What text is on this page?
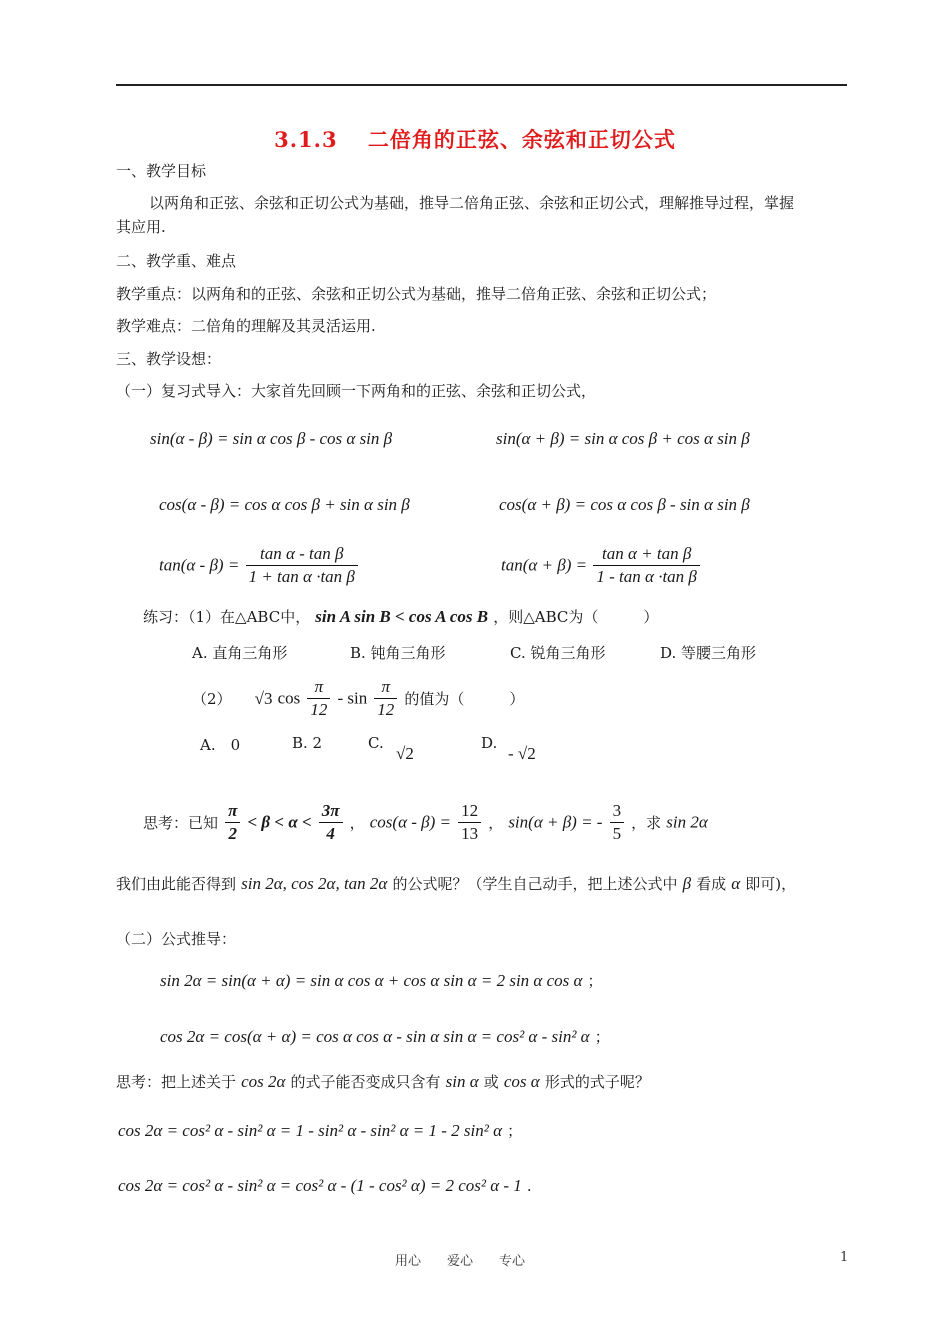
3.1.3　 二倍角的正弦、余弦和正切公式
一、教学目标
以两角和正弦、余弦和正切公式为基础，推导二倍角正弦、余弦和正切公式，理解推导过程，掌握
其应用.
二、教学重、难点
教学重点：以两角和的正弦、余弦和正切公式为基础，推导二倍角正弦、余弦和正切公式；
教学难点：二倍角的理解及其灵活运用.
三、教学设想：
（一）复习式导入：大家首先回顾一下两角和的正弦、余弦和正切公式，
sin(α - β) = sin α cos β - cos α sin β	sin(α + β) = sin α cos β + cos α sin β
cos(α - β) = cos α cos β + sin α sin β	cos(α + β) = cos α cos β - sin α sin β
$\tan(\alpha - \beta) = \frac{\text{tan α - tan β}}{\text{1 + tan α ·tan β}}$	$\tan(\alpha + \beta) = \frac{\text{tan α + tan β}}{\text{1 - tan α ·tan β}}$
练习：（1）在△ABC中， sin A sin B < cos A cos B ，则△ABC为（　　　）
A. 直角三角形	B. 钝角三角形	C. 锐角三角形	D. 等腰三角形
（2） √3 $\cos \frac{\pi}{12}$ - $\sin \frac{\pi}{12}$ 的值为（　　　）
A.　0	B. 2	C.
√2
D.
- √2
思考：已知 $\frac{\pi}{2} < \beta < \alpha < \frac{3\pi}{4}$ ， $\cos(\alpha - \beta) = \frac{12}{13}$ ， sin(α + β) = - $\frac{3}{5}$ ，求 sin 2α
我们由此能否得到 sin 2α, cos 2α, tan 2α 的公式呢？（学生自己动手，把上述公式中 β 看成 α 即可)，
（二）公式推导：
sin 2α = sin(α + α) = sin α cos α + cos α sin α = 2 sin α cos α ；
cos 2α = cos(α + α) = cos α cos α - sin α sin α = cos² α - sin² α ；
思考：把上述关于 cos 2α 的式子能否变成只含有 sin α 或 cos α 形式的式子呢？
cos 2α = cos² α - sin² α = 1 - sin² α - sin² α = 1 - 2 sin² α ；
cos 2α = cos² α - sin² α = cos² α - (1 - cos² α) = 2 cos² α - 1 .
用心　　爱心　　专心	1
